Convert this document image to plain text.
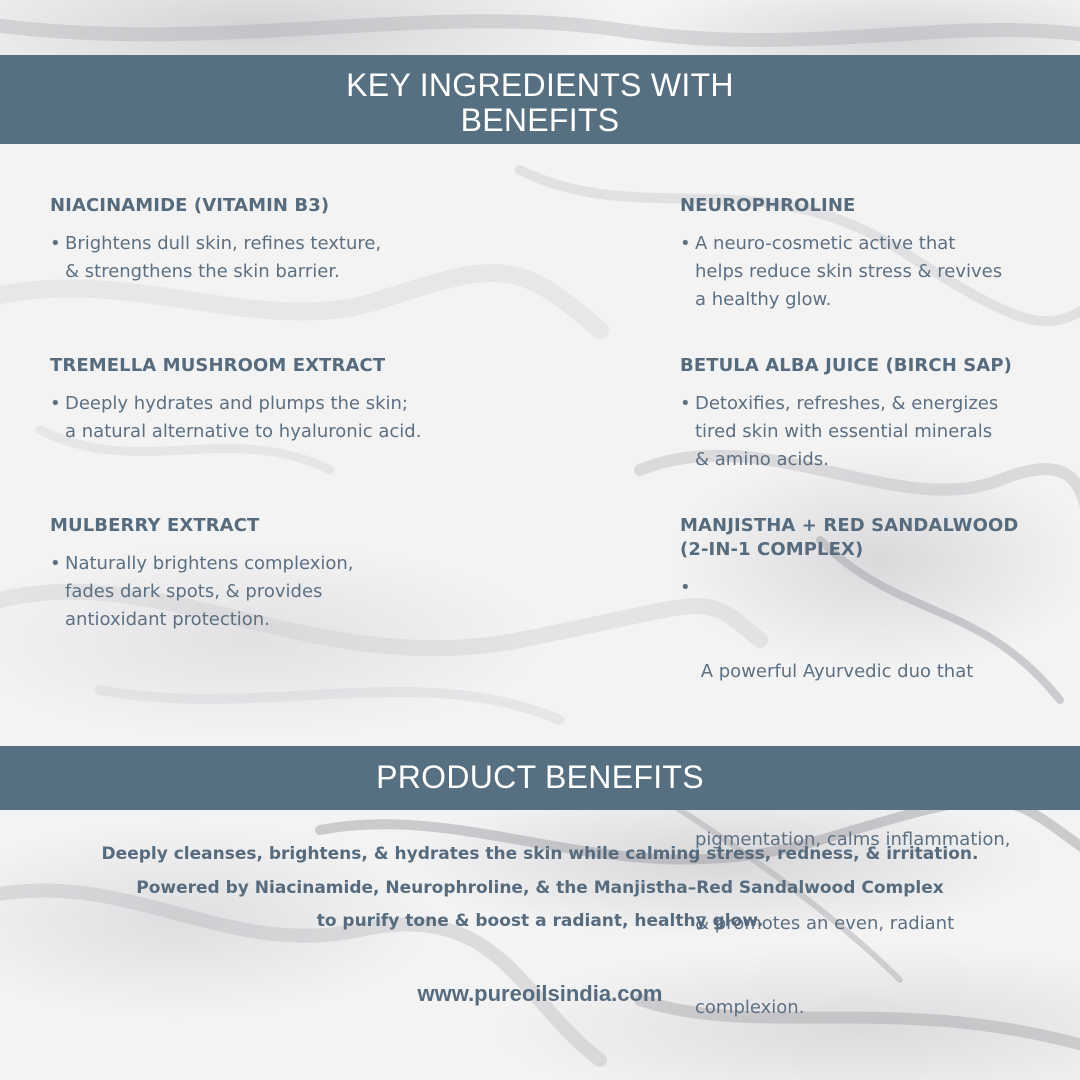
KEY INGREDIENTS WITH
BENEFITS
NIACINAMIDE (VITAMIN B3)
• Brightens dull skin, refines texture,
& strengthens the skin barrier.
NEUROPHROLINE
• A neuro-cosmetic active that
helps reduce skin stress & revives
a healthy glow.
TREMELLA MUSHROOM EXTRACT
• Deeply hydrates and plumps the skin;
a natural alternative to hyaluronic acid.
BETULA ALBA JUICE (BIRCH SAP)
• Detoxifies, refreshes, & energizes
tired skin with essential minerals
& amino acids.
MULBERRY EXTRACT
• Naturally brightens complexion,
fades dark spots, & provides
antioxidant protection.
MANJISTHA + RED SANDALWOOD
(2-IN-1 COMPLEX)

•

A powerful Ayurvedic duo that

pigmentation, calms inflammation,

& promotes an even, radiant

complexion.

PRODUCT BENEFITS
Deeply cleanses, brightens, & hydrates the skin while calming stress, redness, & irritation.
Powered by Niacinamide, Neurophroline, & the Manjistha–Red Sandalwood Complex
to purify tone & boost a radiant, healthy glow.
www.pureoilsindia.com
